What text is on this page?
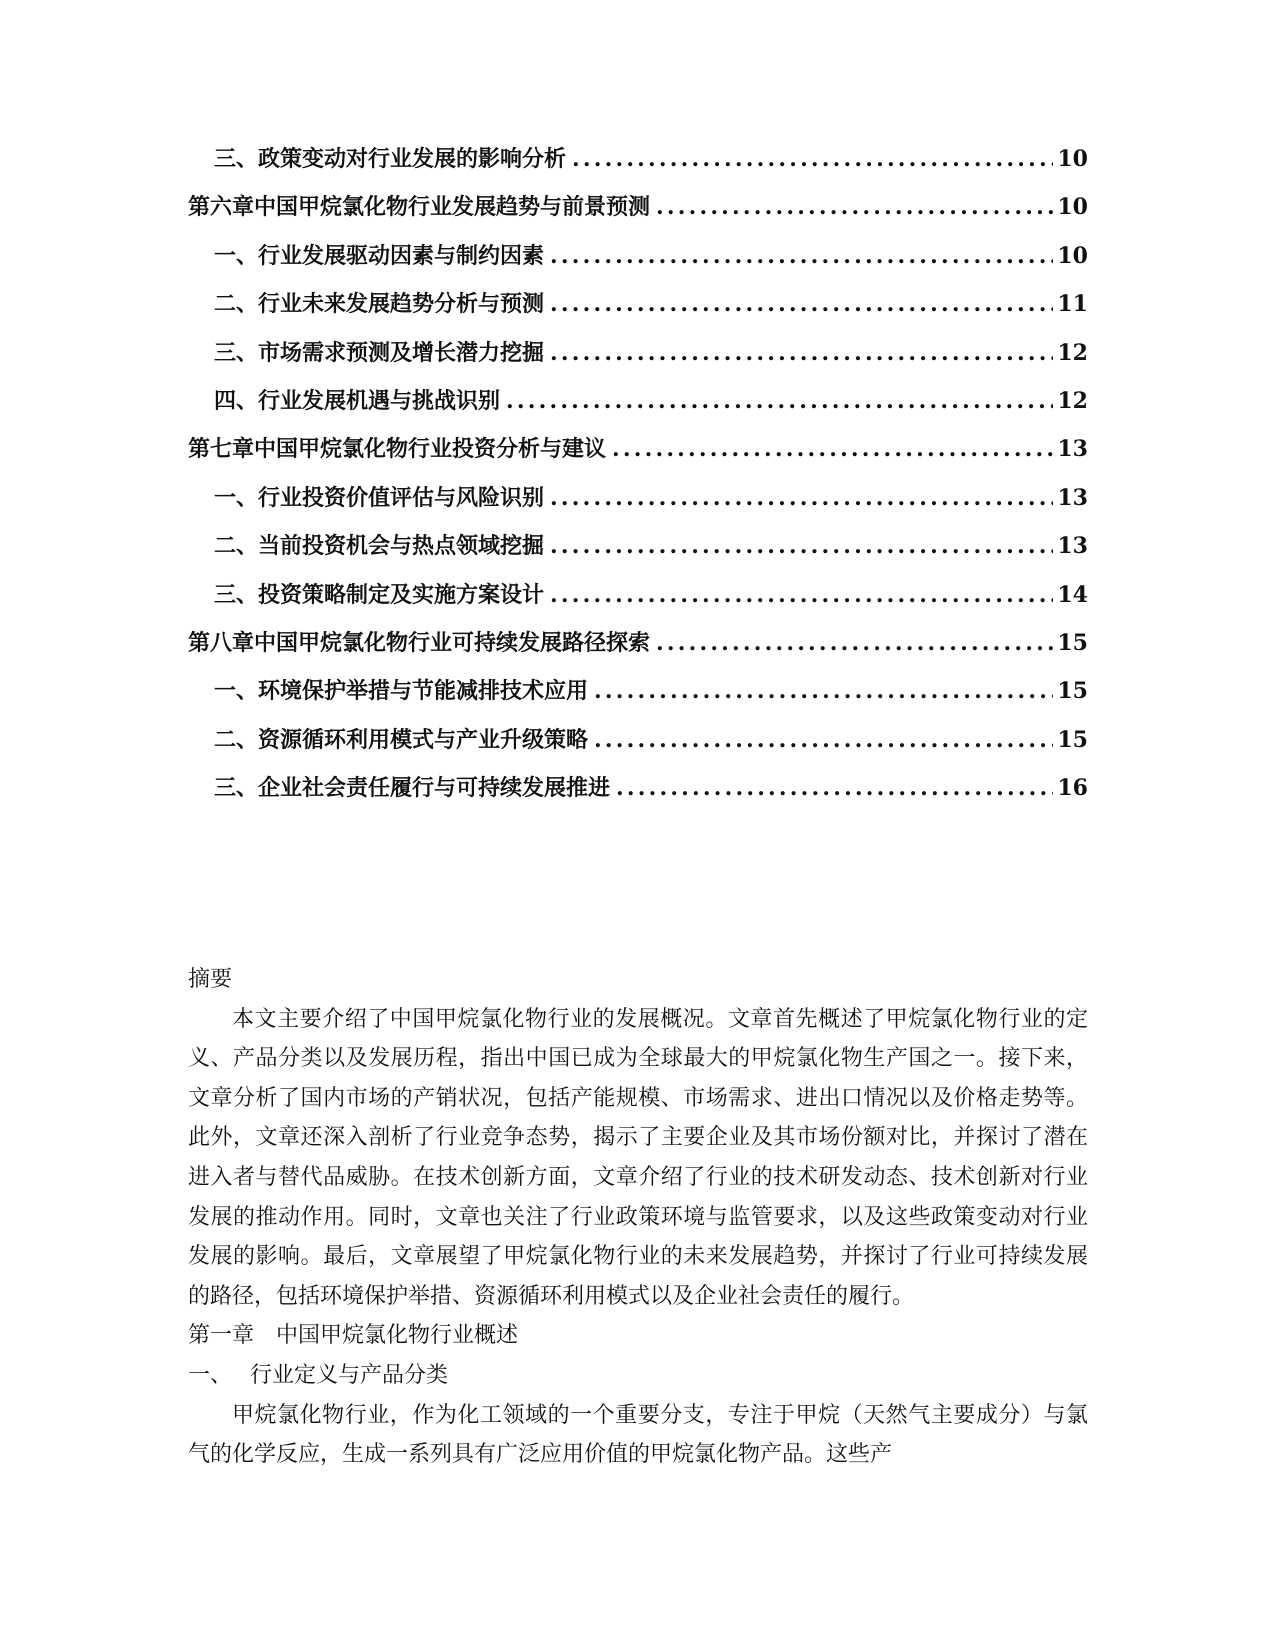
三、 政策变动对行业发展的影响分析 .....	10
第六章 中国甲烷氯化物行业发展趋势与前景预测 .....	10
一、 行业发展驱动因素与制约因素 .....	10
二、 行业未来发展趋势分析与预测 .....	11
三、 市场需求预测及增长潜力挖掘 .....	12
四、 行业发展机遇与挑战识别 .....	12
第七章 中国甲烷氯化物行业投资分析与建议 .....	13
一、 行业投资价值评估与风险识别 .....	13
二、 当前投资机会与热点领域挖掘 .....	13
三、 投资策略制定及实施方案设计 .....	14
第八章 中国甲烷氯化物行业可持续发展路径探索 .....	15
一、 环境保护举措与节能减排技术应用 .....	15
二、 资源循环利用模式与产业升级策略 .....	15
三、 企业社会责任履行与可持续发展推进 .....	16
摘要

本文主要介绍了中国甲烷氯化物行业的发展概况。文章首先概述了甲烷氯化物行业的定义、产品分类以及发展历程，指出中国已成为全球最大的甲烷氯化物生产国之一。接下来，文章分析了国内市场的产销状况，包括产能规模、市场需求、进出口情况以及价格走势等。此外，文章还深入剖析了行业竞争态势，揭示了主要企业及其市场份额对比，并探讨了潜在进入者与替代品威胁。在技术创新方面，文章介绍了行业的技术研发动态、技术创新对行业发展的推动作用。同时，文章也关注了行业政策环境与监管要求，以及这些政策变动对行业发展的影响。最后，文章展望了甲烷氯化物行业的未来发展趋势，并探讨了行业可持续发展的路径，包括环境保护举措、资源循环利用模式以及企业社会责任的履行。

第一章 中国甲烷氯化物行业概述

一、 行业定义与产品分类

甲烷氯化物行业，作为化工领域的一个重要分支，专注于甲烷（天然气主要成分）与氯气的化学反应，生成一系列具有广泛应用价值的甲烷氯化物产品。这些产
